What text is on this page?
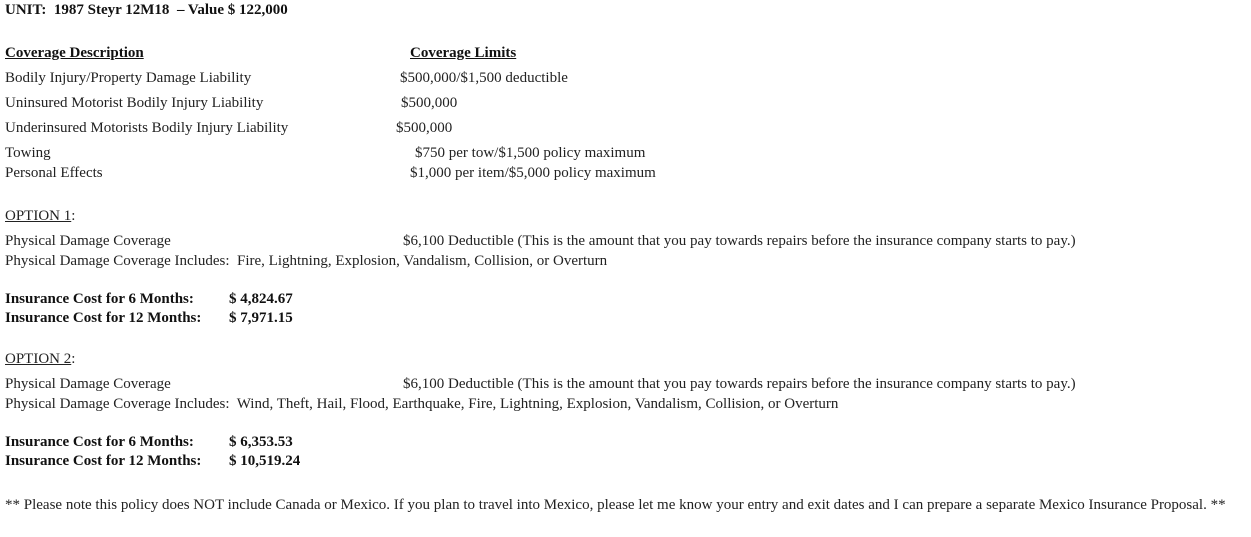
UNIT: 1987 Steyr 12M18 – Value $ 122,000
Coverage Description	Coverage Limits
Bodily Injury/Property Damage Liability	$500,000/$1,500 deductible
Uninsured Motorist Bodily Injury Liability	$500,000
Underinsured Motorists Bodily Injury Liability	$500,000
Towing	$750 per tow/$1,500 policy maximum
Personal Effects	$1,000 per item/$5,000 policy maximum
OPTION 1:
Physical Damage Coverage	$6,100 Deductible (This is the amount that you pay towards repairs before the insurance company starts to pay.)
Physical Damage Coverage Includes:  Fire, Lightning, Explosion, Vandalism, Collision, or Overturn
Insurance Cost for 6 Months: $ 4,824.67
Insurance Cost for 12 Months: $ 7,971.15
OPTION 2:
Physical Damage Coverage	$6,100 Deductible (This is the amount that you pay towards repairs before the insurance company starts to pay.)
Physical Damage Coverage Includes:  Wind, Theft, Hail, Flood, Earthquake, Fire, Lightning, Explosion, Vandalism, Collision, or Overturn
Insurance Cost for 6 Months: $ 6,353.53
Insurance Cost for 12 Months: $ 10,519.24
** Please note this policy does NOT include Canada or Mexico. If you plan to travel into Mexico, please let me know your entry and exit dates and I can prepare a separate Mexico Insurance Proposal. **
